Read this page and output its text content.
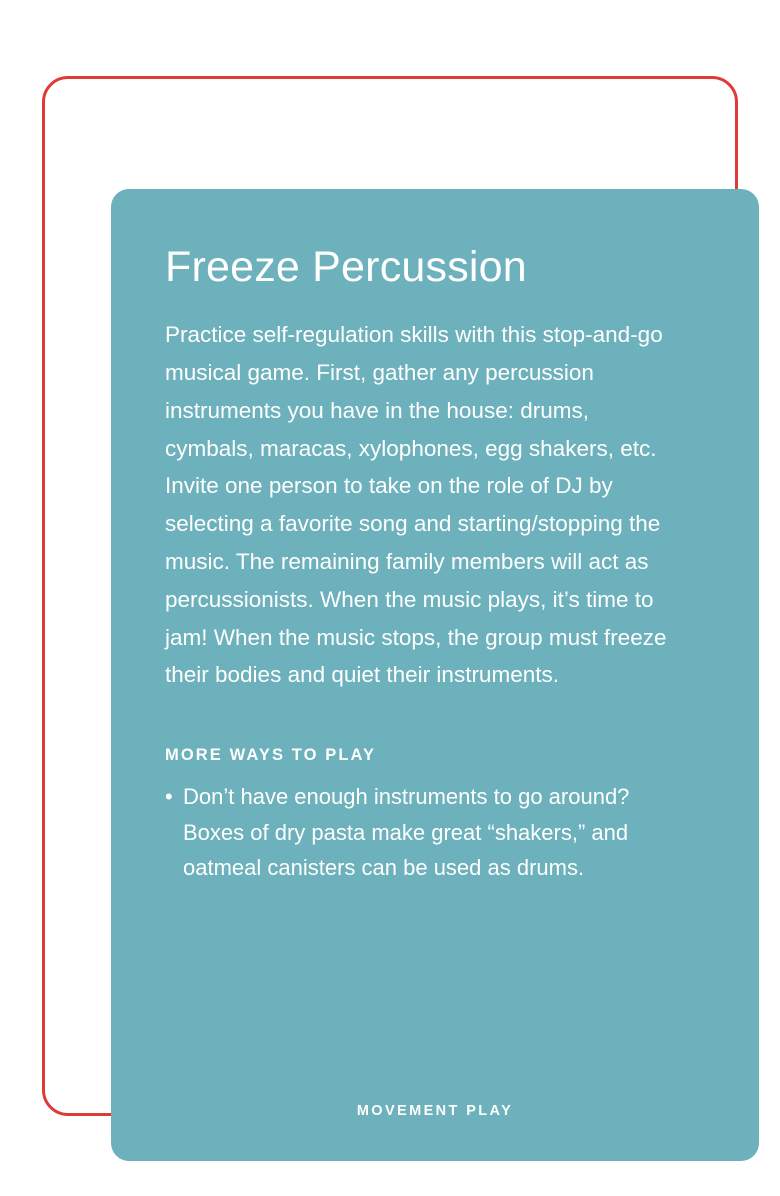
Freeze Percussion

Practice self-regulation skills with this stop-and-go musical game. First, gather any percussion instruments you have in the house: drums, cymbals, maracas, xylophones, egg shakers, etc. Invite one person to take on the role of DJ by selecting a favorite song and starting/stopping the music. The remaining family members will act as percussionists. When the music plays, it’s time to jam! When the music stops, the group must freeze their bodies and quiet their instruments.

MORE WAYS TO PLAY
• Don’t have enough instruments to go around? Boxes of dry pasta make great “shakers,” and oatmeal canisters can be used as drums.
MOVEMENT PLAY
